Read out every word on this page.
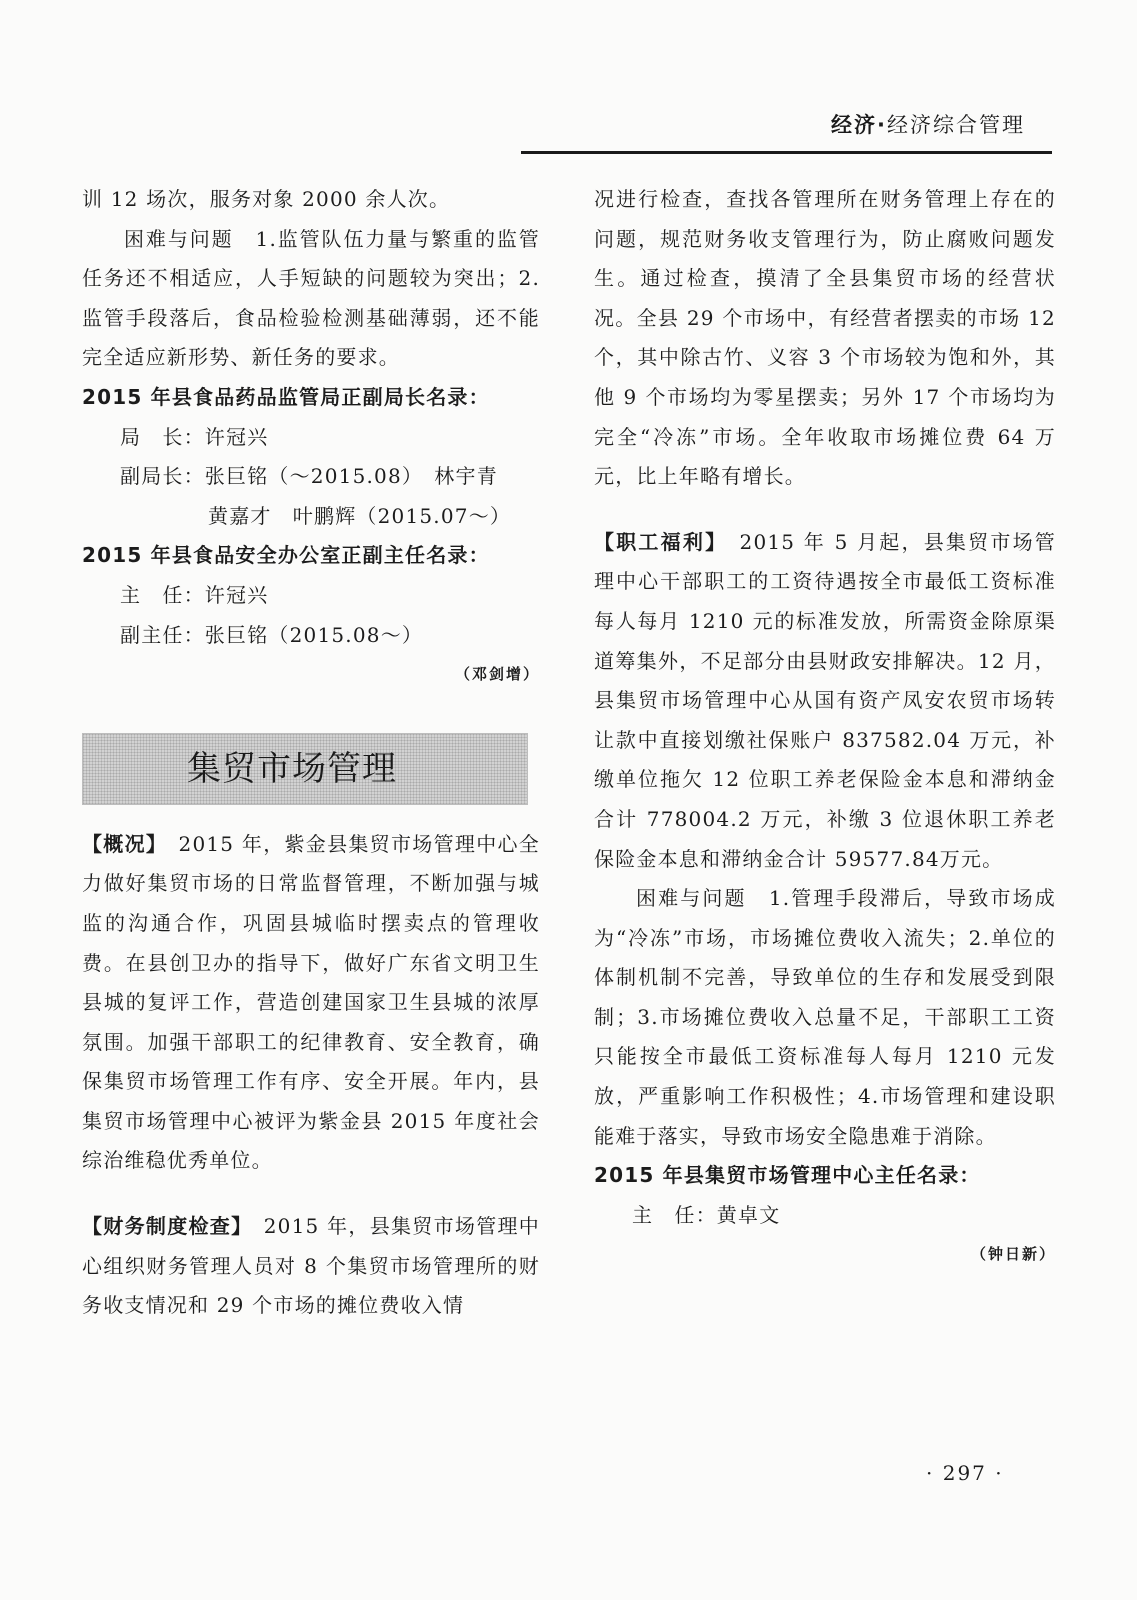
经济·经济综合管理

训 12 场次，服务对象 2000 余人次。

困难与问题　 1.监管队伍力量与繁重的监管任务还不相适应，人手短缺的问题较为突出；2.监管手段落后，食品检验检测基础薄弱，还不能完全适应新形势、新任务的要求。

2015 年县食品药品监管局正副局长名录：

局　长：许冠兴

副局长：张巨铭（～2015.08）　林宇青

黄嘉才　叶鹏辉（2015.07～）

2015 年县食品安全办公室正副主任名录：

主　任：许冠兴

副主任：张巨铭（2015.08～）

（邓剑增）

集贸市场管理

【概况】　 2015 年，紫金县集贸市场管理中心全力做好集贸市场的日常监督管理，不断加强与城监的沟通合作，巩固县城临时摆卖点的管理收费。在县创卫办的指导下，做好广东省文明卫生县城的复评工作，营造创建国家卫生县城的浓厚氛围。加强干部职工的纪律教育、安全教育，确保集贸市场管理工作有序、安全开展。年内，县集贸市场管理中心被评为紫金县 2015 年度社会综治维稳优秀单位。

【财务制度检查】　 2015 年，县集贸市场管理中心组织财务管理人员对 8 个集贸市场管理所的财务收支情况和 29 个市场的摊位费收入情

况进行检查，查找各管理所在财务管理上存在的问题，规范财务收支管理行为，防止腐败问题发生。通过检查，摸清了全县集贸市场的经营状况。全县 29 个市场中，有经营者摆卖的市场 12 个，其中除古竹、义容 3 个市场较为饱和外，其他 9 个市场均为零星摆卖；另外 17 个市场均为完全“冷冻”市场。全年收取市场摊位费 64 万元，比上年略有增长。

【职工福利】　 2015 年 5 月起，县集贸市场管理中心干部职工的工资待遇按全市最低工资标准每人每月 1210 元的标准发放，所需资金除原渠道筹集外，不足部分由县财政安排解决。12 月，县集贸市场管理中心从国有资产凤安农贸市场转让款中直接划缴社保账户 837582.04 万元，补缴单位拖欠 12 位职工养老保险金本息和滞纳金合计 778004.2 万元，补缴 3 位退休职工养老保险金本息和滞纳金合计 59577.84万元。

困难与问题　 1.管理手段滞后，导致市场成为“冷冻”市场，市场摊位费收入流失；2.单位的体制机制不完善，导致单位的生存和发展受到限制；3.市场摊位费收入总量不足，干部职工工资只能按全市最低工资标准每人每月 1210 元发放，严重影响工作积极性；4.市场管理和建设职能难于落实，导致市场安全隐患难于消除。

2015 年县集贸市场管理中心主任名录：

主　任：黄卓文

（钟日新）

· 297 ·
